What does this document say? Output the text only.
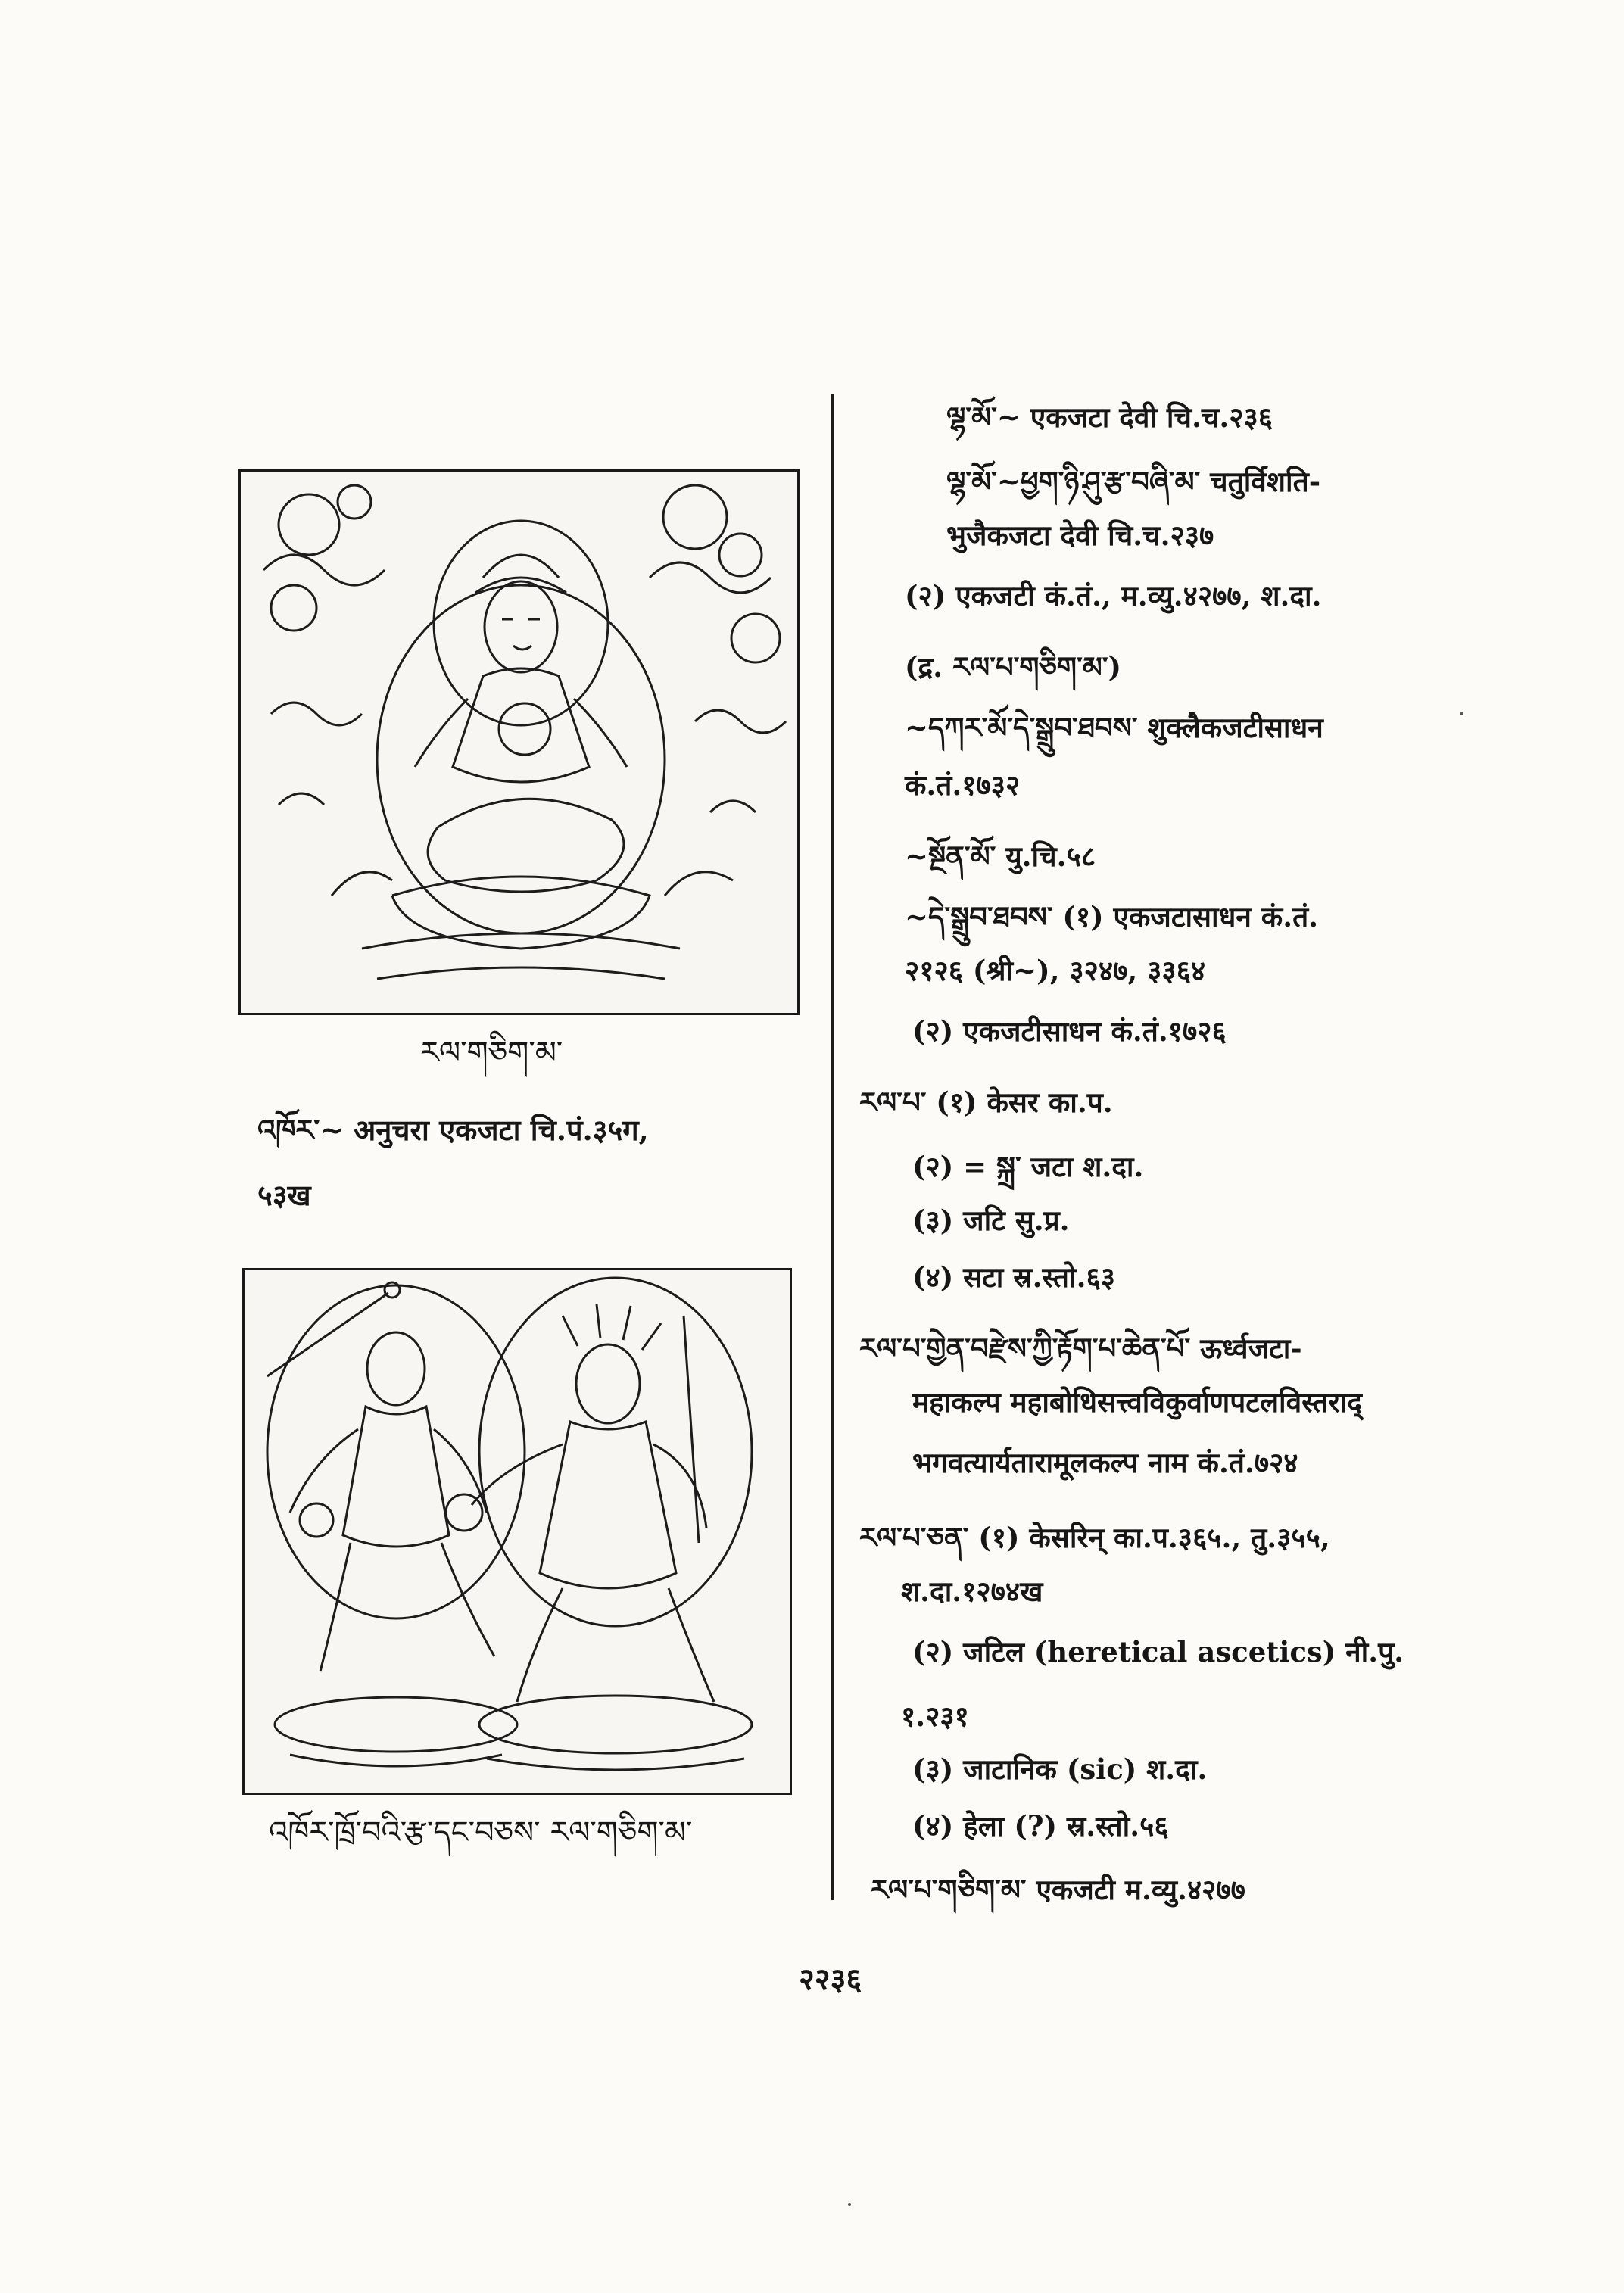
རལ་གཅིག་མ་
འཁོར་~ अनुचरा एकजटा चि.पं.३५ग,
५३ख
འཁོར་ཁྲོ་བའི་རྩ་དང་བཅས་ རལ་གཅིག་མ་
ལྷ་མོ་~ एकजटा देवी चि.च.२३६
ལྷ་མོ་~ཕྱག་ཉི་ཤུ་རྩ་བཞི་མ་ चतुर्विशति-
भुजैकजटा देवी चि.च.२३७
(२) एकजटी कं.तं., म.व्यु.४२७७, श.दा.
(द्र. རལ་པ་གཅིག་མ་)
~དཀར་མོ་དེ་སྒྲུབ་ཐབས་ शुक्लैकजटीसाधन
कं.तं.१७३२
~སྔོན་མོ་ यु.चि.५८
~དེ་སྒྲུབ་ཐབས་ (१) एकजटासाधन कं.तं.
२१२६ (श्री~), ३२४७, ३३६४
(२) एकजटीसाधन कं.तं.१७२६
རལ་པ་ (१) केसर का.प.
(२) = སྐྲ་ जटा श.दा.
(३) जटि सु.प्र.
(४) सटा स्र.स्तो.६३
རལ་པ་གྱེན་བརྫེས་ཀྱི་རྟོག་པ་ཆེན་པོ་ ऊर्ध्वजटा-
महाकल्प महाबोधिसत्त्वविकुर्वाणपटलविस्तराद्
भगवत्यार्यतारामूलकल्प नाम कं.तं.७२४
རལ་པ་ཅན་ (१) केसरिन् का.प.३६५., तु.३५५,
श.दा.१२७४ख
(२) जटिल (heretical ascetics) नी.पु.
१.२३१
(३) जाटानिक (sic) श.दा.
(४) हेला (?) स्र.स्तो.५६
རལ་པ་གཅིག་མ་ एकजटी म.व्यु.४२७७
२२३६
